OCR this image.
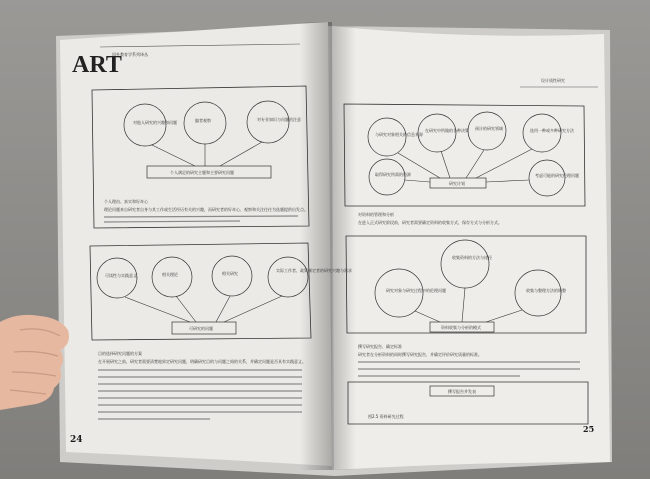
ART
国外教育学系列译丛
对他人研究的兴趣和问题	编者观察	对专业知识与问题的注意
个人满足的研究主题和主要研究问题
个人理由、真实和好奇心
理论问题来自研究者自身与其工作或生活经历有关的兴趣，而研究者的好奇心、观察和关注往往为选题提供出发点。
可读性与实践意义	相关理论	相关研究
实际工作者、政策制定者的研究兴趣与需求
可研究的问题
目的选择研究问题的方案
在开展研究之前，研究者需要清楚地界定研究问题，明确研究目的与问题之间的关系，并确定问题是否具有实践意义。
24
设计质性研究
与研究对象相关的信息来源
在研究中所做的各种决策 预计的研究领域	选用一种或多种研究方法
取得研究所需的资源	考虑可能的研究伦理问题
研究计划
对资料的管理和分析
在进入正式研究阶段前，研究者需要确定资料的收集方式、保存方式与分析方式。
收集资料的方法与途径
研究对象与研究过程中的伦理问题	收集与整理方法的调整
资料收集与分析的模式
撰写研究报告、确定标准
研究者在分析资料的同时撰写研究报告，并确定评价研究质量的标准。
撰写报告并发表
图2.5 资料研究过程
25
